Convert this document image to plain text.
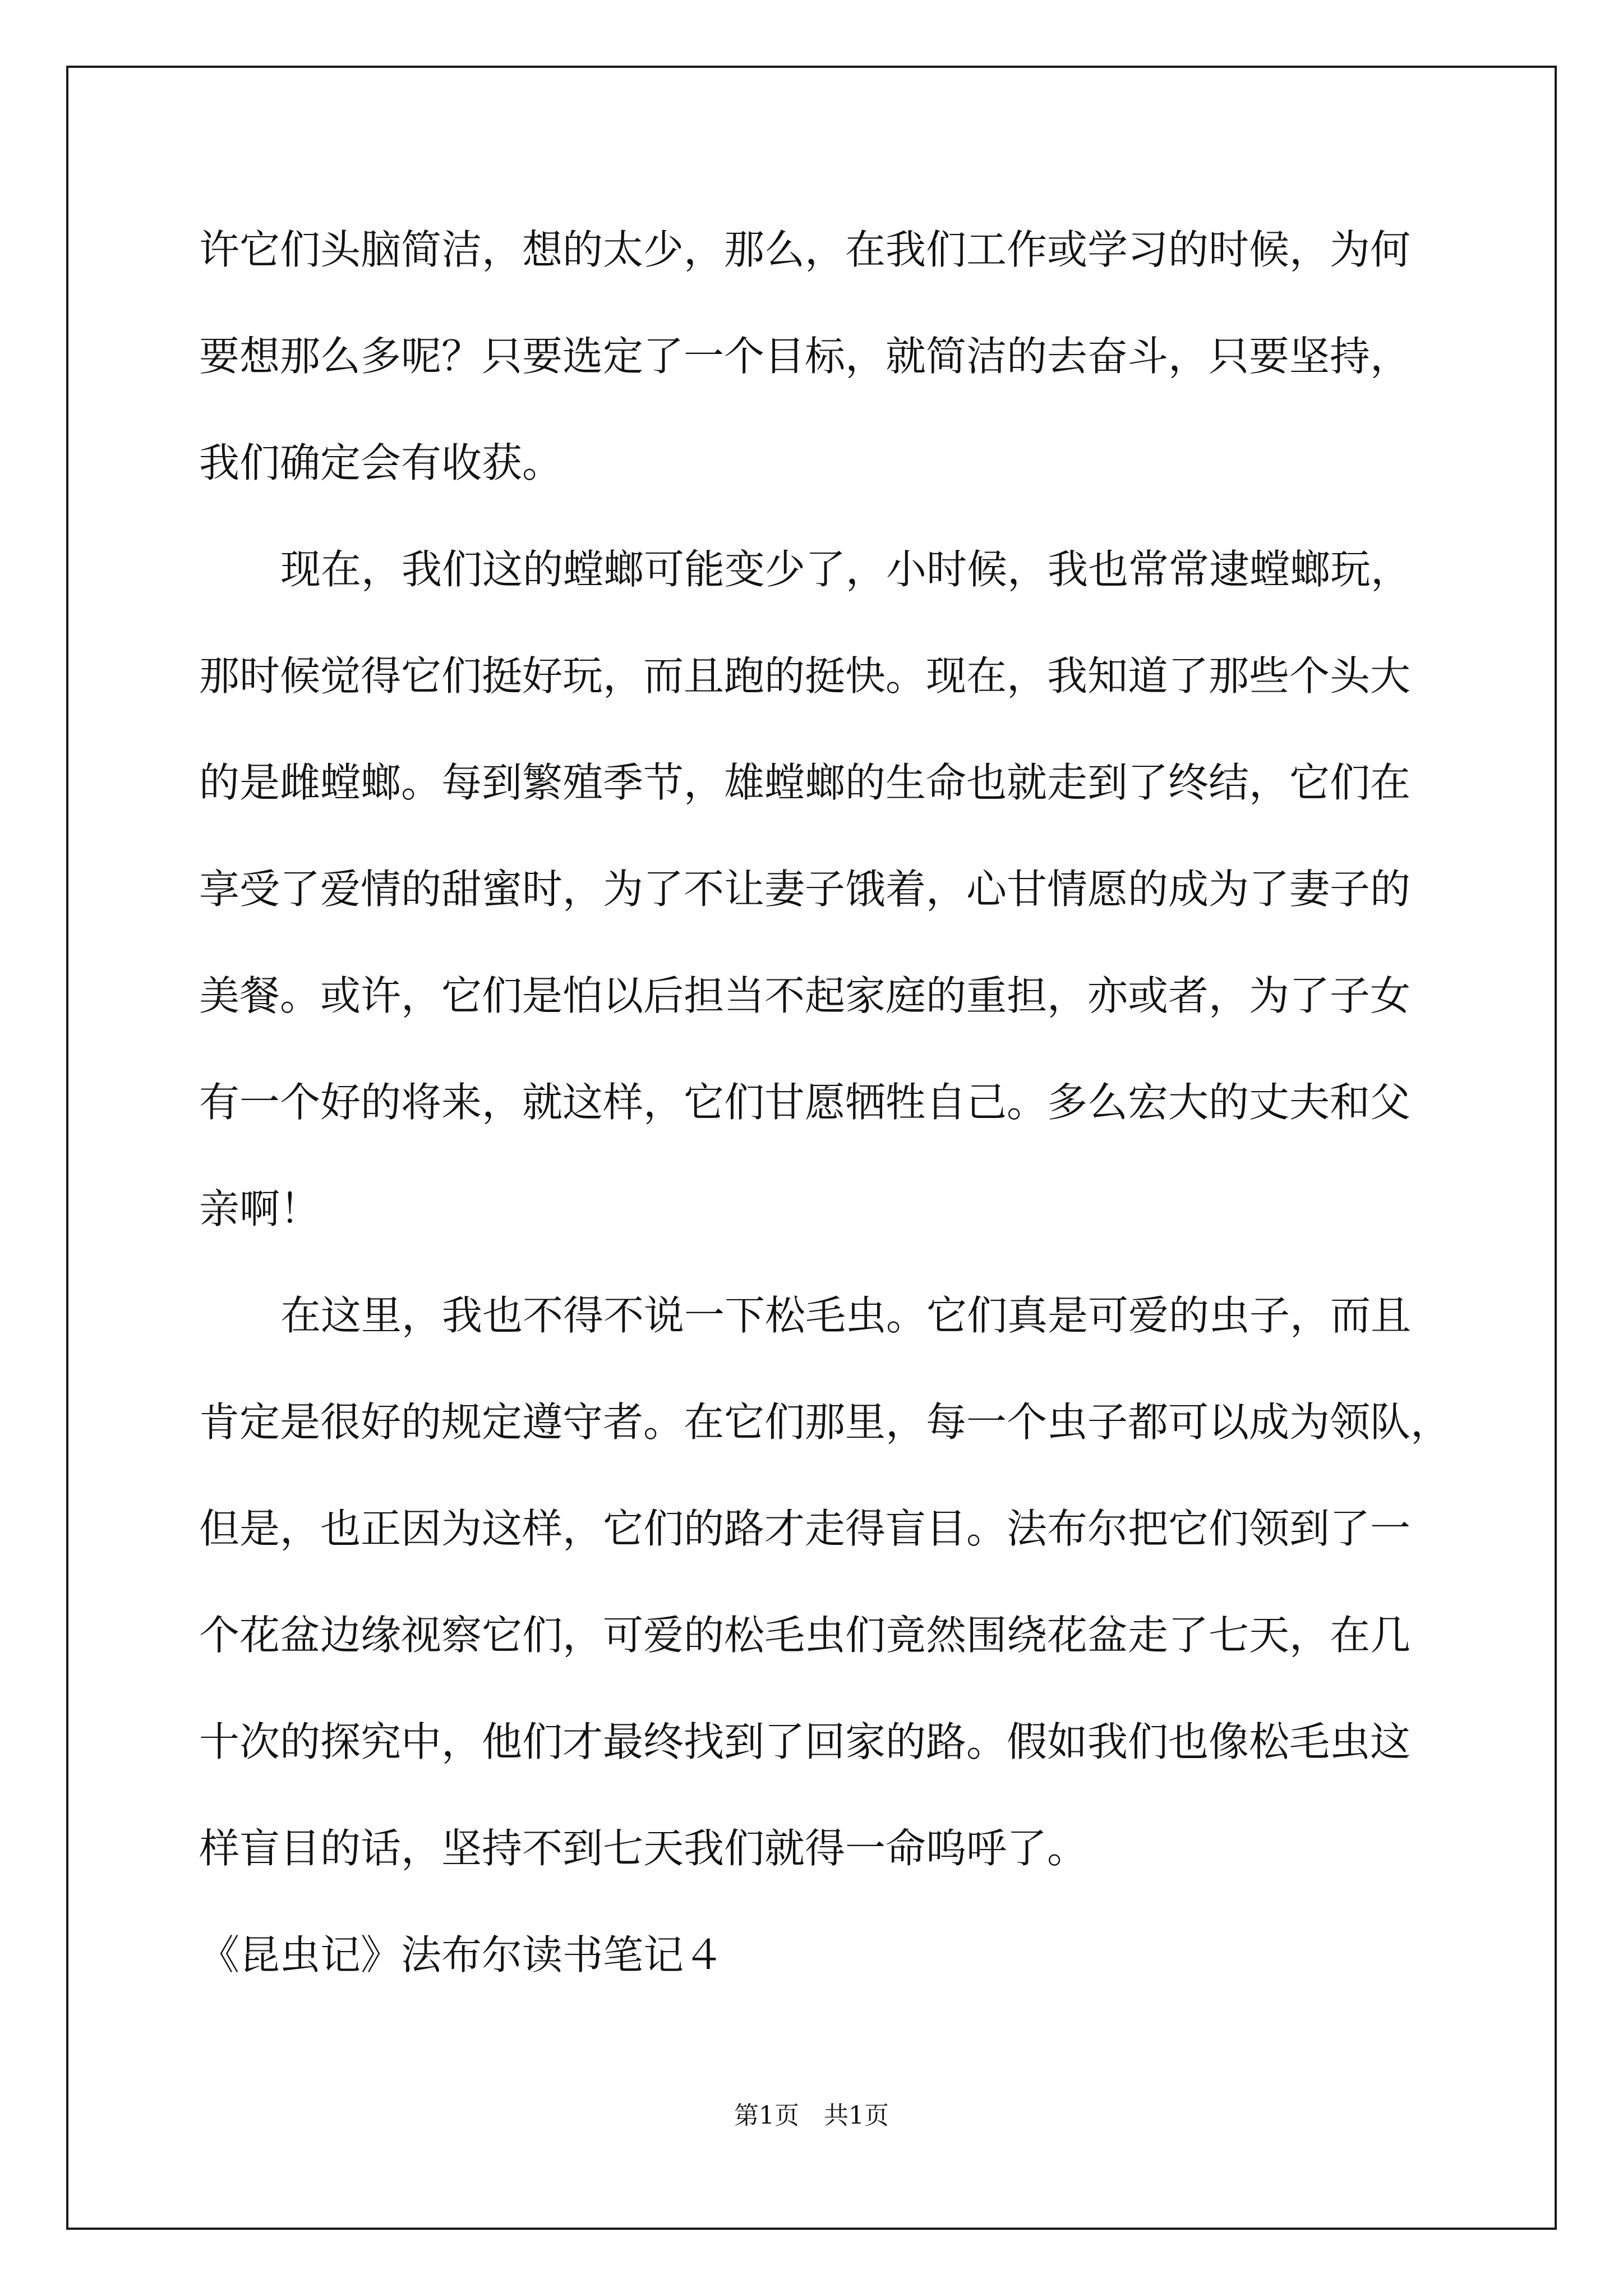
许它们头脑简洁，想的太少，那么，在我们工作或学习的时候，为何
要想那么多呢？只要选定了一个目标，就简洁的去奋斗，只要坚持，
我们确定会有收获。
现在，我们这的螳螂可能变少了，小时候，我也常常逮螳螂玩，
那时候觉得它们挺好玩，而且跑的挺快。现在，我知道了那些个头大
的是雌螳螂。每到繁殖季节，雄螳螂的生命也就走到了终结，它们在
享受了爱情的甜蜜时，为了不让妻子饿着，心甘情愿的成为了妻子的
美餐。或许，它们是怕以后担当不起家庭的重担，亦或者，为了子女
有一个好的将来，就这样，它们甘愿牺牲自己。多么宏大的丈夫和父
亲啊！
在这里，我也不得不说一下松毛虫。它们真是可爱的虫子，而且
肯定是很好的规定遵守者。在它们那里，每一个虫子都可以成为领队，
但是，也正因为这样，它们的路才走得盲目。法布尔把它们领到了一
个花盆边缘视察它们，可爱的松毛虫们竟然围绕花盆走了七天，在几
十次的探究中，他们才最终找到了回家的路。假如我们也像松毛虫这
样盲目的话，坚持不到七天我们就得一命呜呼了。
《昆虫记》法布尔读书笔记４
第1页　共1页
